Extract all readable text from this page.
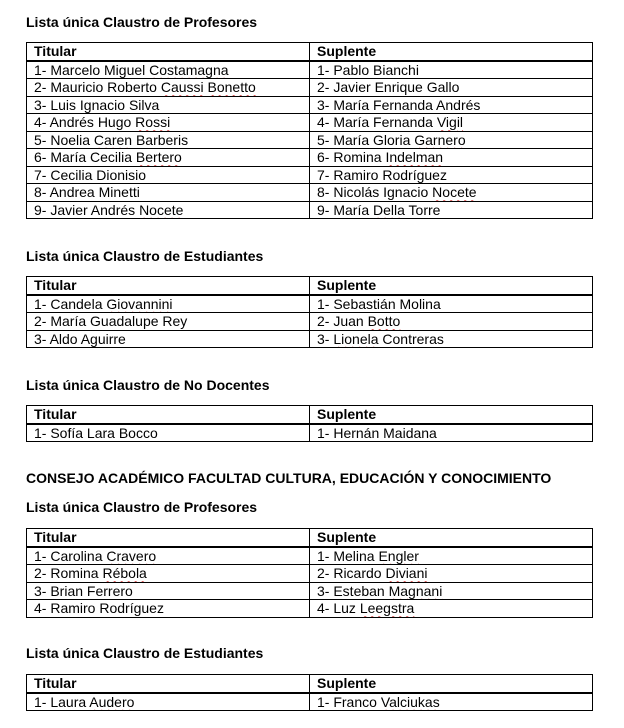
Lista única Claustro de Profesores
Titular	Suplente
1- Marcelo Miguel Costamagna	1- Pablo Bianchi
2- Mauricio Roberto Caussi Bonetto	2- Javier Enrique Gallo
3- Luis Ignacio Silva	3- María Fernanda Andrés
4- Andrés Hugo Rossi	4- María Fernanda Vigil
5- Noelia Caren Barberis	5- María Gloria Garnero
6- María Cecilia Bertero	6- Romina Indelman
7- Cecilia Dionisio	7- Ramiro Rodríguez
8- Andrea Minetti	8- Nicolás Ignacio Nocete
9- Javier Andrés Nocete	9- María Della Torre
Lista única Claustro de Estudiantes
Titular	Suplente
1- Candela Giovannini	1- Sebastián Molina
2- María Guadalupe Rey	2- Juan Botto
3- Aldo Aguirre	3- Lionela Contreras
Lista única Claustro de No Docentes
Titular	Suplente
1- Sofía Lara Bocco	1- Hernán Maidana
CONSEJO ACADÉMICO FACULTAD CULTURA, EDUCACIÓN Y CONOCIMIENTO
Lista única Claustro de Profesores
Titular	Suplente
1- Carolina Cravero	1- Melina Engler
2- Romina Rébola	2- Ricardo Diviani
3- Brian Ferrero	3- Esteban Magnani
4- Ramiro Rodríguez	4- Luz Leegstra
Lista única Claustro de Estudiantes
Titular	Suplente
1- Laura Audero	1- Franco Valciukas
